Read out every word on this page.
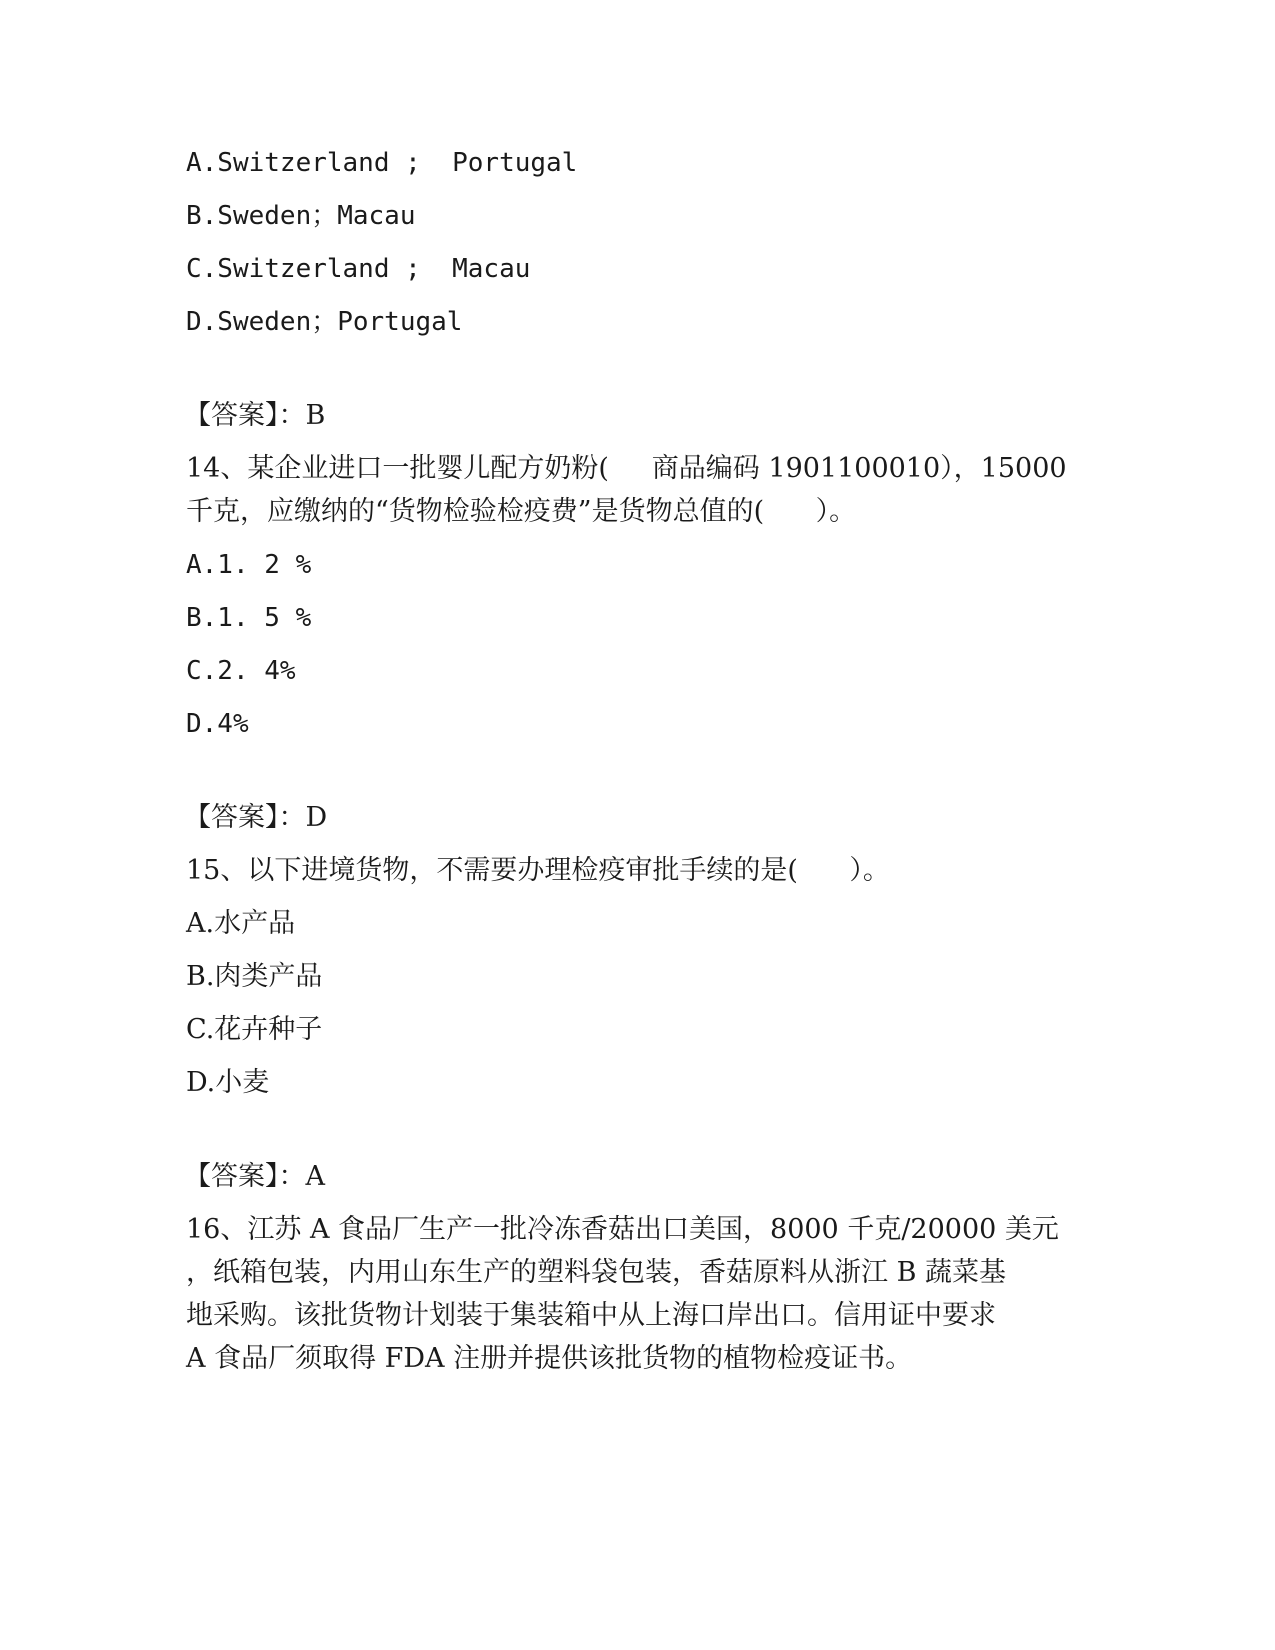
A.Switzerland ;  Portugal

B.Sweden；Macau

C.Switzerland ;  Macau

D.Sweden；Portugal

【答案】：B

14、某企业进口一批婴儿配方奶粉(     商品编码 1901100010），15000

千克，应缴纳的“货物检验检疫费”是货物总值的(      ）。

A.1. 2 %

B.1. 5 %

C.2. 4%

D.4%

【答案】：D

15、以下进境货物，不需要办理检疫审批手续的是(      ）。

A.水产品

B.肉类产品

C.花卉种子

D.小麦

【答案】：A

16、江苏 A 食品厂生产一批冷冻香菇出口美国，8000 千克/20000 美元

，纸箱包装，内用山东生产的塑料袋包装，香菇原料从浙江 B 蔬菜基

地采购。该批货物计划装于集装箱中从上海口岸出口。信用证中要求

A 食品厂须取得 FDA 注册并提供该批货物的植物检疫证书。
